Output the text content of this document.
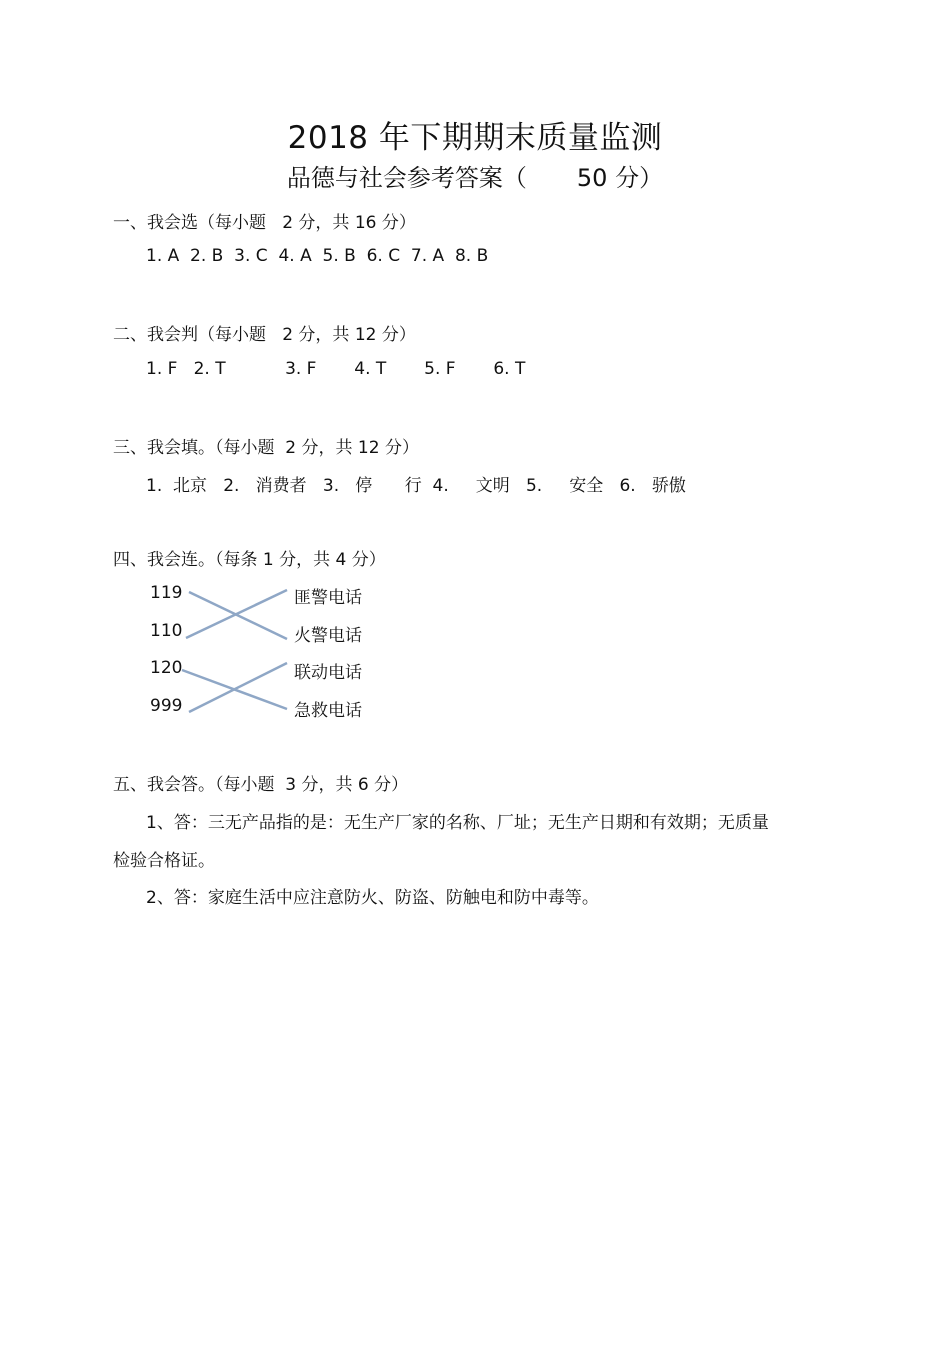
2018 年下期期末质量监测
品德与社会参考答案（ 50 分）
一、我会选（每小题   2 分，共 16 分）
1. A  2. B  3. C  4. A  5. B  6. C  7. A  8. B
二、我会判（每小题   2 分，共 12 分）
1. F   2. T           3. F       4. T       5. F       6. T
三、我会填。（每小题  2 分，共 12 分）
1.  北京   2.   消费者   3.   停      行  4.     文明   5.     安全   6.   骄傲
四、我会连。（每条 1 分，共 4 分）
119
110
120
999
匪警电话
火警电话
联动电话
急救电话
五、我会答。（每小题  3 分，共 6 分）
1、答：三无产品指的是：无生产厂家的名称、厂址；无生产日期和有效期；无质量
检验合格证。
2、答：家庭生活中应注意防火、防盗、防触电和防中毒等。
